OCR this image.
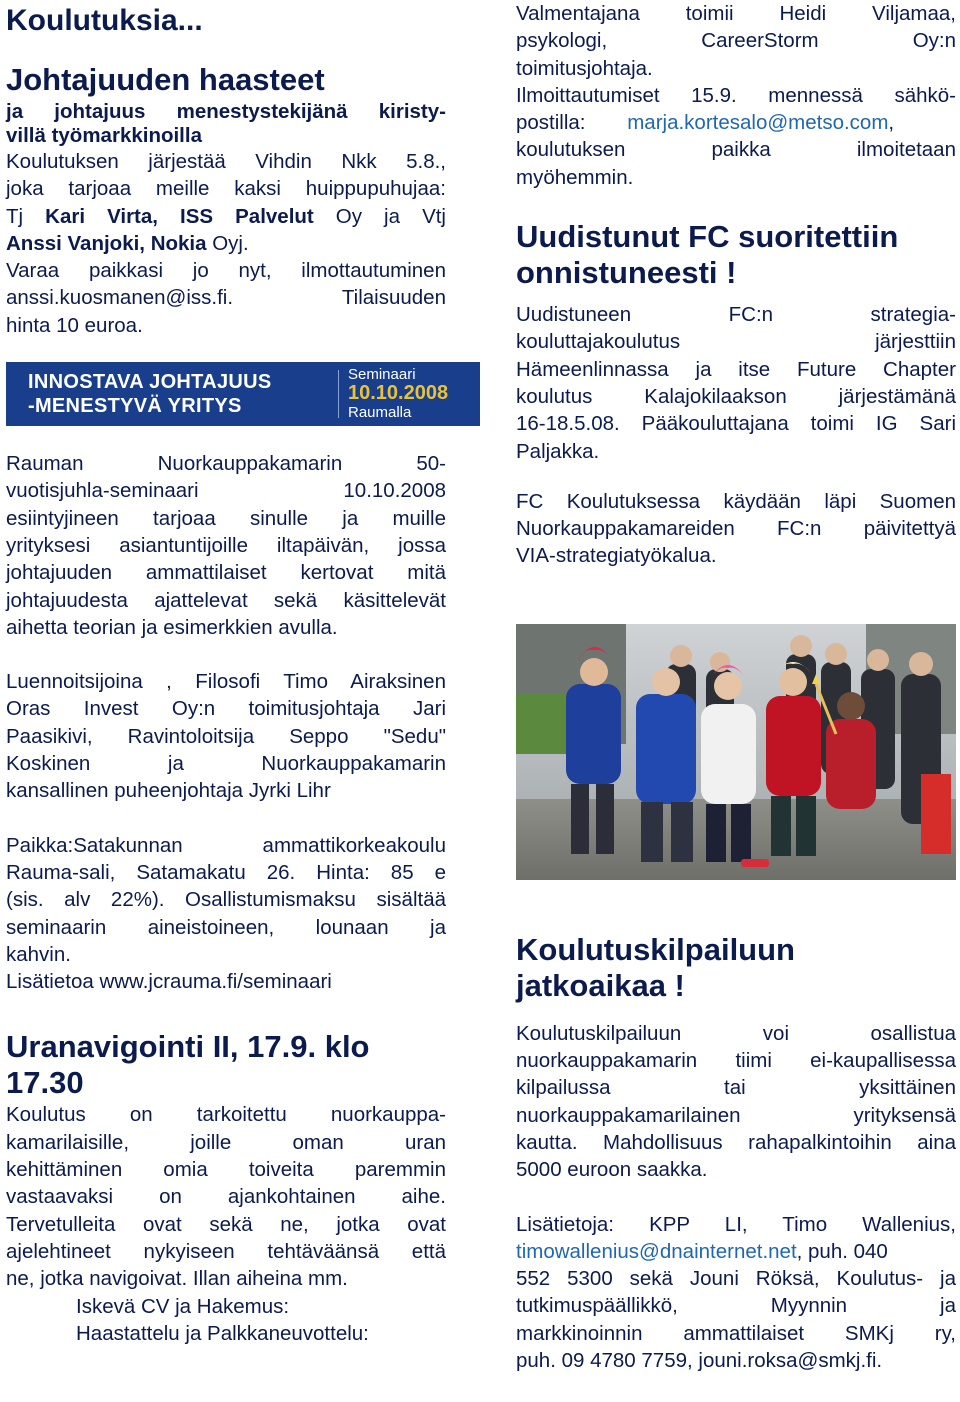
Koulutuksia...
Johtajuuden haasteet
ja johtajuus menestystekijänä kiristy-
villä työmarkkinoilla
Koulutuksen järjestää Vihdin Nkk 5.8.,
joka tarjoaa meille kaksi huippupuhujaa:
Tj Kari Virta, ISS Palvelut Oy ja Vtj
Anssi Vanjoki, Nokia Oyj.
Varaa paikkasi jo nyt, ilmottautuminen
anssi.kuosmanen@iss.fi.	Tilaisuuden
hinta 10 euroa.
INNOSTAVA JOHTAJUUS
-MENESTYVÄ YRITYS
Seminaari
10.10.2008
Raumalla
Rauman Nuorkauppakamarin 50-
vuotisjuhla-seminaari 10.10.2008
esiintyjineen tarjoaa sinulle ja muille
yrityksesi asiantuntijoille iltapäivän, jossa
johtajuuden ammattilaiset kertovat mitä
johtajuudesta ajattelevat sekä käsittelevät
aihetta teorian ja esimerkkien avulla.
Luennoitsijoina , Filosofi Timo Airaksinen
Oras Invest Oy:n toimitusjohtaja Jari
Paasikivi, Ravintoloitsija Seppo "Sedu"
Koskinen ja Nuorkauppakamarin
kansallinen puheenjohtaja Jyrki Lihr
Paikka:Satakunnan ammattikorkeakoulu
Rauma-sali, Satamakatu 26. Hinta: 85 e
(sis. alv 22%). Osallistumismaksu sisältää
seminaarin aineistoineen, lounaan ja
kahvin.
Lisätietoa www.jcrauma.fi/seminaari
Uranavigointi II, 17.9. klo
17.30
Koulutus on tarkoitettu nuorkauppa-
kamarilaisille, joille oman uran
kehittäminen omia toiveita paremmin
vastaavaksi on ajankohtainen aihe.
Tervetulleita ovat sekä ne, jotka ovat
ajelehtineet nykyiseen tehtäväänsä että
ne, jotka navigoivat. Illan aiheina mm.
Iskevä CV ja Hakemus:
Haastattelu ja Palkkaneuvottelu:
Valmentajana toimii Heidi Viljamaa,
psykologi, CareerStorm Oy:n
toimitusjohtaja.
Ilmoittautumiset 15.9. mennessä sähkö-
postilla: marja.kortesalo@metso.com,
koulutuksen paikka ilmoitetaan
myöhemmin.
Uudistunut FC suoritettiin
onnistuneesti !
Uudistuneen FC:n strategia-
kouluttajakoulutus järjesttiin
Hämeenlinnassa ja itse Future Chapter
koulutus Kalajokilaakson järjestämänä
16-18.5.08. Pääkouluttajana toimi IG Sari
Paljakka.
FC Koulutuksessa käydään läpi Suomen
Nuorkauppakamareiden FC:n päivitettyä
VIA-strategiatyökalua.
Koulutuskilpailuun
jatkoaikaa !
Koulutuskilpailuun voi osallistua
nuorkauppakamarin tiimi ei-kaupallisessa
kilpailussa tai yksittäinen
nuorkauppakamarilainen yrityksensä
kautta. Mahdollisuus rahapalkintoihin aina
5000 euroon saakka.
Lisätietoja: KPP LI, Timo Wallenius,
timowallenius@dnainternet.net, puh. 040
552 5300 sekä Jouni Röksä, Koulutus- ja
tutkimuspäällikkö, Myynnin ja
markkinoinnin ammattilaiset SMKj ry,
puh. 09 4780 7759, jouni.roksa@smkj.fi.
